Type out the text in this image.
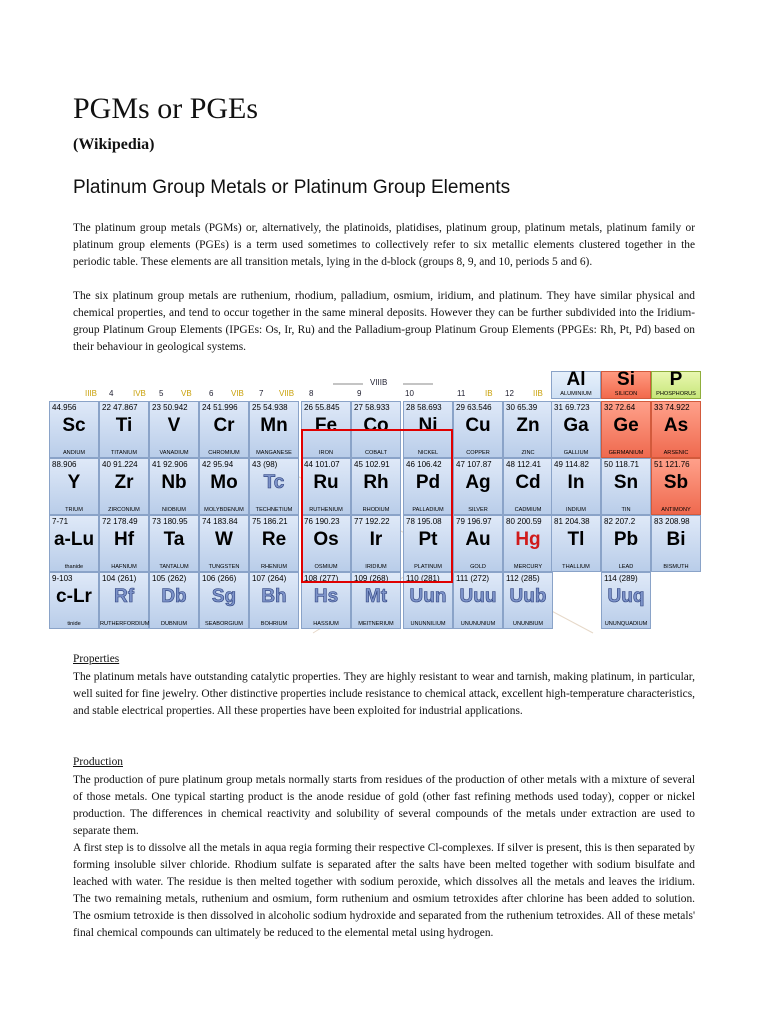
PGMs or PGEs
(Wikipedia)
Platinum Group Metals or Platinum Group Elements

The platinum group metals (PGMs) or, alternatively, the platinoids, platidises, platinum group, platinum metals, platinum family or platinum group elements (PGEs) is a term used sometimes to collectively refer to six metallic elements clustered together in the periodic table. These elements are all transition metals, lying in the d-block (groups 8, 9, and 10, periods 5 and 6).

The six platinum group metals are ruthenium, rhodium, palladium, osmium, iridium, and platinum. They have similar physical and chemical properties, and tend to occur together in the same mineral deposits. However they can be further subdivided into the Iridium-group Platinum Group Elements (IPGEs: Os, Ir, Ru) and the Palladium-group Platinum Group Elements (PPGEs: Rh, Pt, Pd) based on their behaviour in geological systems.

IIIB 4 IVB 5 VB 6 VIB 7 VIIB 8
VIIIB
9	10	11 IB 12 IIB
Al
ALUMINIUM
Si
SILICON
P
PHOSPHORUS
44.956
Sc
ANDIUM
22 47.867
Ti
TITANIUM
23 50.942
V
VANADIUM
24 51.996
Cr
CHROMIUM
25 54.938
Mn
MANGANESE
26 55.845
Fe
IRON
27 58.933
Co
COBALT
28 58.693
Ni
NICKEL
29 63.546
Cu
COPPER
30 65.39
Zn
ZINC
31 69.723
Ga
GALLIUM
32 72.64
Ge
GERMANIUM
33 74.922
As
ARSENIC
88.906
Y
TRIUM
40 91.224
Zr
ZIRCONIUM
41 92.906
Nb
NIOBIUM
42 95.94
Mo
MOLYBDENUM
43 (98)
Tc
TECHNETIUM
44 101.07
Ru
RUTHENIUM
45 102.91
Rh
RHODIUM
46 106.42
Pd
PALLADIUM
47 107.87
Ag
SILVER
48 112.41
Cd
CADMIUM
49 114.82
In
INDIUM
50 118.71
Sn
TIN
51 121.76
Sb
ANTIMONY
7-71
a-Lu
thanide
72 178.49
Hf
HAFNIUM
73 180.95
Ta
TANTALUM
74 183.84
W
TUNGSTEN
75 186.21
Re
RHENIUM
76 190.23
Os
OSMIUM
77 192.22
Ir
IRIDIUM
78 195.08
Pt
PLATINUM
79 196.97
Au
GOLD
80 200.59
Hg
MERCURY
81 204.38
Tl
THALLIUM
82 207.2
Pb
LEAD
83 208.98
Bi
BISMUTH
9-103
c-Lr
tinide
104 (261)
Rf
RUTHERFORDIUM
105 (262)
Db
DUBNIUM
106 (266)
Sg
SEABORGIUM
107 (264)
Bh
BOHRIUM
108 (277)
Hs
HASSIUM
109 (268)
Mt
MEITNERIUM
110 (281)
Uun
UNUNNILIUM
111 (272)
Uuu
UNUNUNIUM
112 (285)
Uub
UNUNBIUM
114 (289)
Uuq
UNUNQUADIUM
Properties

The platinum metals have outstanding catalytic properties. They are highly resistant to wear and tarnish, making platinum, in particular, well suited for fine jewelry. Other distinctive properties include resistance to chemical attack, excellent high-temperature characteristics, and stable electrical properties. All these properties have been exploited for industrial applications.

Production

The production of pure platinum group metals normally starts from residues of the production of other metals with a mixture of several of those metals. One typical starting product is the anode residue of gold (other fast refining methods used today), copper or nickel production. The differences in chemical reactivity and solubility of several compounds of the metals under extraction are used to separate them.

A first step is to dissolve all the metals in aqua regia forming their respective Cl-complexes. If silver is present, this is then separated by forming insoluble silver chloride. Rhodium sulfate is separated after the salts have been melted together with sodium bisulfate and leached with water. The residue is then melted together with sodium peroxide, which dissolves all the metals and leaves the iridium. The two remaining metals, ruthenium and osmium, form ruthenium and osmium tetroxides after chlorine has been added to solution. The osmium tetroxide is then dissolved in alcoholic sodium hydroxide and separated from the ruthenium tetroxides. All of these metals' final chemical compounds can ultimately be reduced to the elemental metal using hydrogen.
